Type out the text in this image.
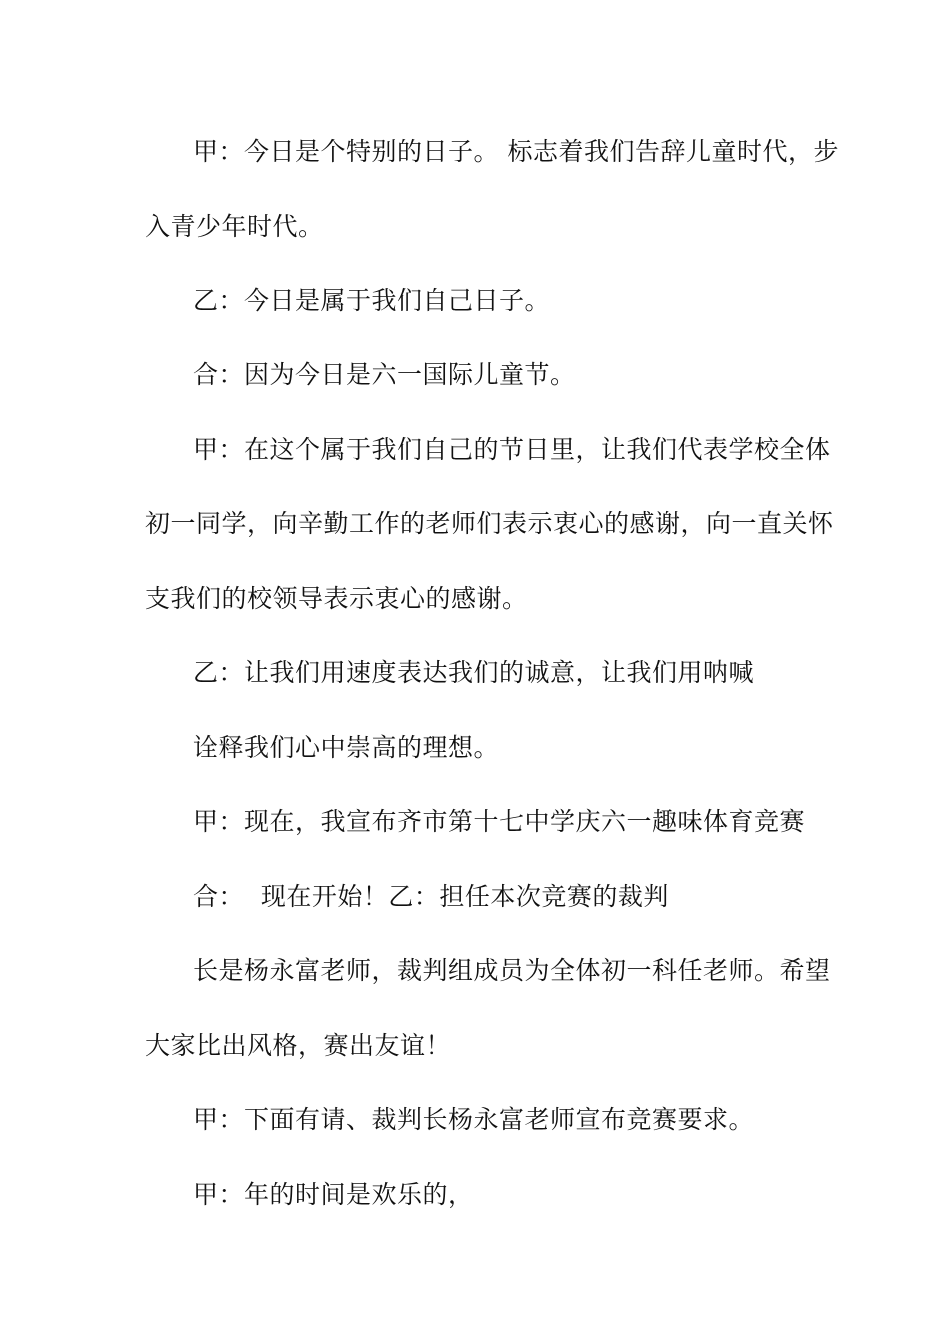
甲：今日是个特别的日子。 标志着我们告辞儿童时代，步
入青少年时代。
乙：今日是属于我们自己日子。
合：因为今日是六一国际儿童节。
甲：在这个属于我们自己的节日里，让我们代表学校全体
初一同学，向辛勤工作的老师们表示衷心的感谢，向一直关怀
支我们的校领导表示衷心的感谢。
乙：让我们用速度表达我们的诚意，让我们用呐喊
诠释我们心中崇高的理想。
甲：现在，我宣布齐市第十七中学庆六一趣味体育竞赛
合：  现在开始！乙：担任本次竞赛的裁判
长是杨永富老师，裁判组成员为全体初一科任老师。希望
大家比出风格，赛出友谊！
甲：下面有请、裁判长杨永富老师宣布竞赛要求。
甲：年的时间是欢乐的，
